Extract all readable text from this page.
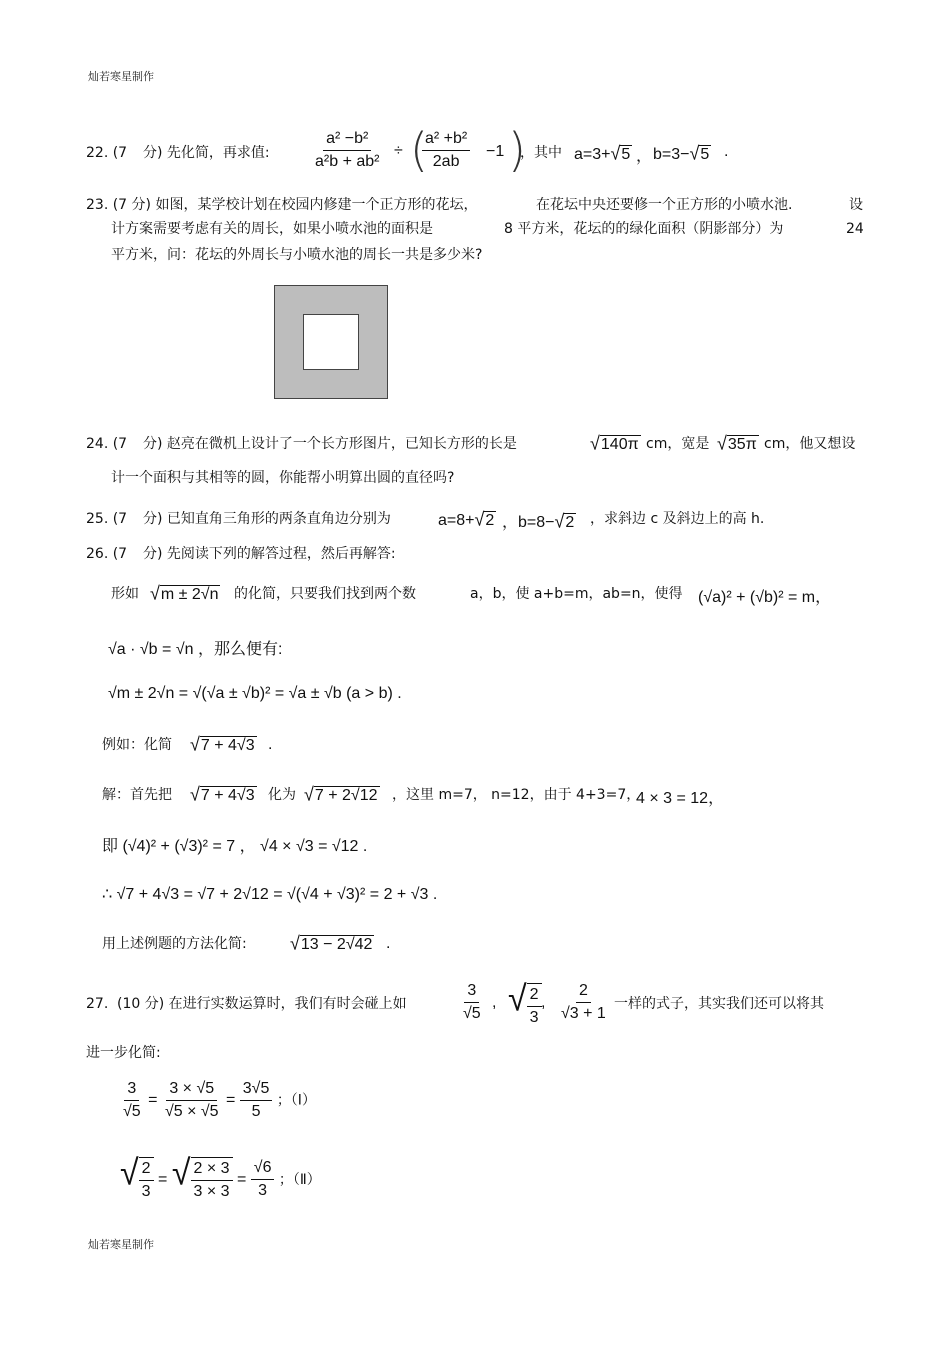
灿若寒星制作
灿若寒星制作
22. (7 分) 先化简，再求值:	$\frac{\text{a² −b²}}{\text{a²b + ab²}}$ ÷ (
$\frac{\text{a² +b²}}{2ab} -1$ )
，其中 a=3+√5 ， b=3−√5 .
23. (7 分) 如图，某学校计划在校园内修建一个正方形的花坛，	在花坛中央还要修一个正方形的小喷水池.	设
计方案需要考虑有关的周长，如果小喷水池的面积是	8 平方米，花坛的的绿化面积（阴影部分）为	24
平方米，问：花坛的外周长与小喷水池的周长一共是多少米?
24. (7 分) 赵亮在微机上设计了一个长方形图片，已知长方形的长是	√140π cm，宽是 √35π cm，他又想设
计一个面积与其相等的圆，你能帮小明算出圆的直径吗?
25. (7 分) 已知直角三角形的两条直角边分别为	a=8+√2 ，b=8−√2 ，求斜边 c 及斜边上的高 h.
26. (7 分) 先阅读下列的解答过程，然后再解答:
形如 √m ± 2√n 的化简，只要我们找到两个数	a，b，使 a+b=m，ab=n，使得 (√a)² + (√b)² = m，
√a · √b = √n ，那么便有:
√m ± 2√n = √(√a ± √b)² = √a ± √b (a > b) .
例如：化简 √7 + 4√3 .
解：首先把 √7 + 4√3 化为 √7 + 2√12 ，这里 m=7， n=12，由于 4+3=7，
4 × 3 = 12，
即 (√4)² + (√3)² = 7 ， √4 × √3 = √12 .
∴ √7 + 4√3 = √7 + 2√12 = √(√4 + √3)² = 2 + √3 .
用上述例题的方法化简: √13 − 2√42 .
27. (10 分) 在进行实数运算时，我们有时会碰上如	$\frac{3}{√5}$ , √ $\frac{2}{3}$ , $\frac{2}{√3 + 1}$ 一样的式子，其实我们还可以将其
进一步化简:
$\frac{3}{√5} = \frac{3 \times √5}{√5 \times √5} = \frac{3√5}{5}$ ；（Ⅰ）
√ $\frac{2}{3}$ = √ $\frac{2 \times 3}{3 \times 3} = \frac{√6}{3}$ ；（Ⅱ）
